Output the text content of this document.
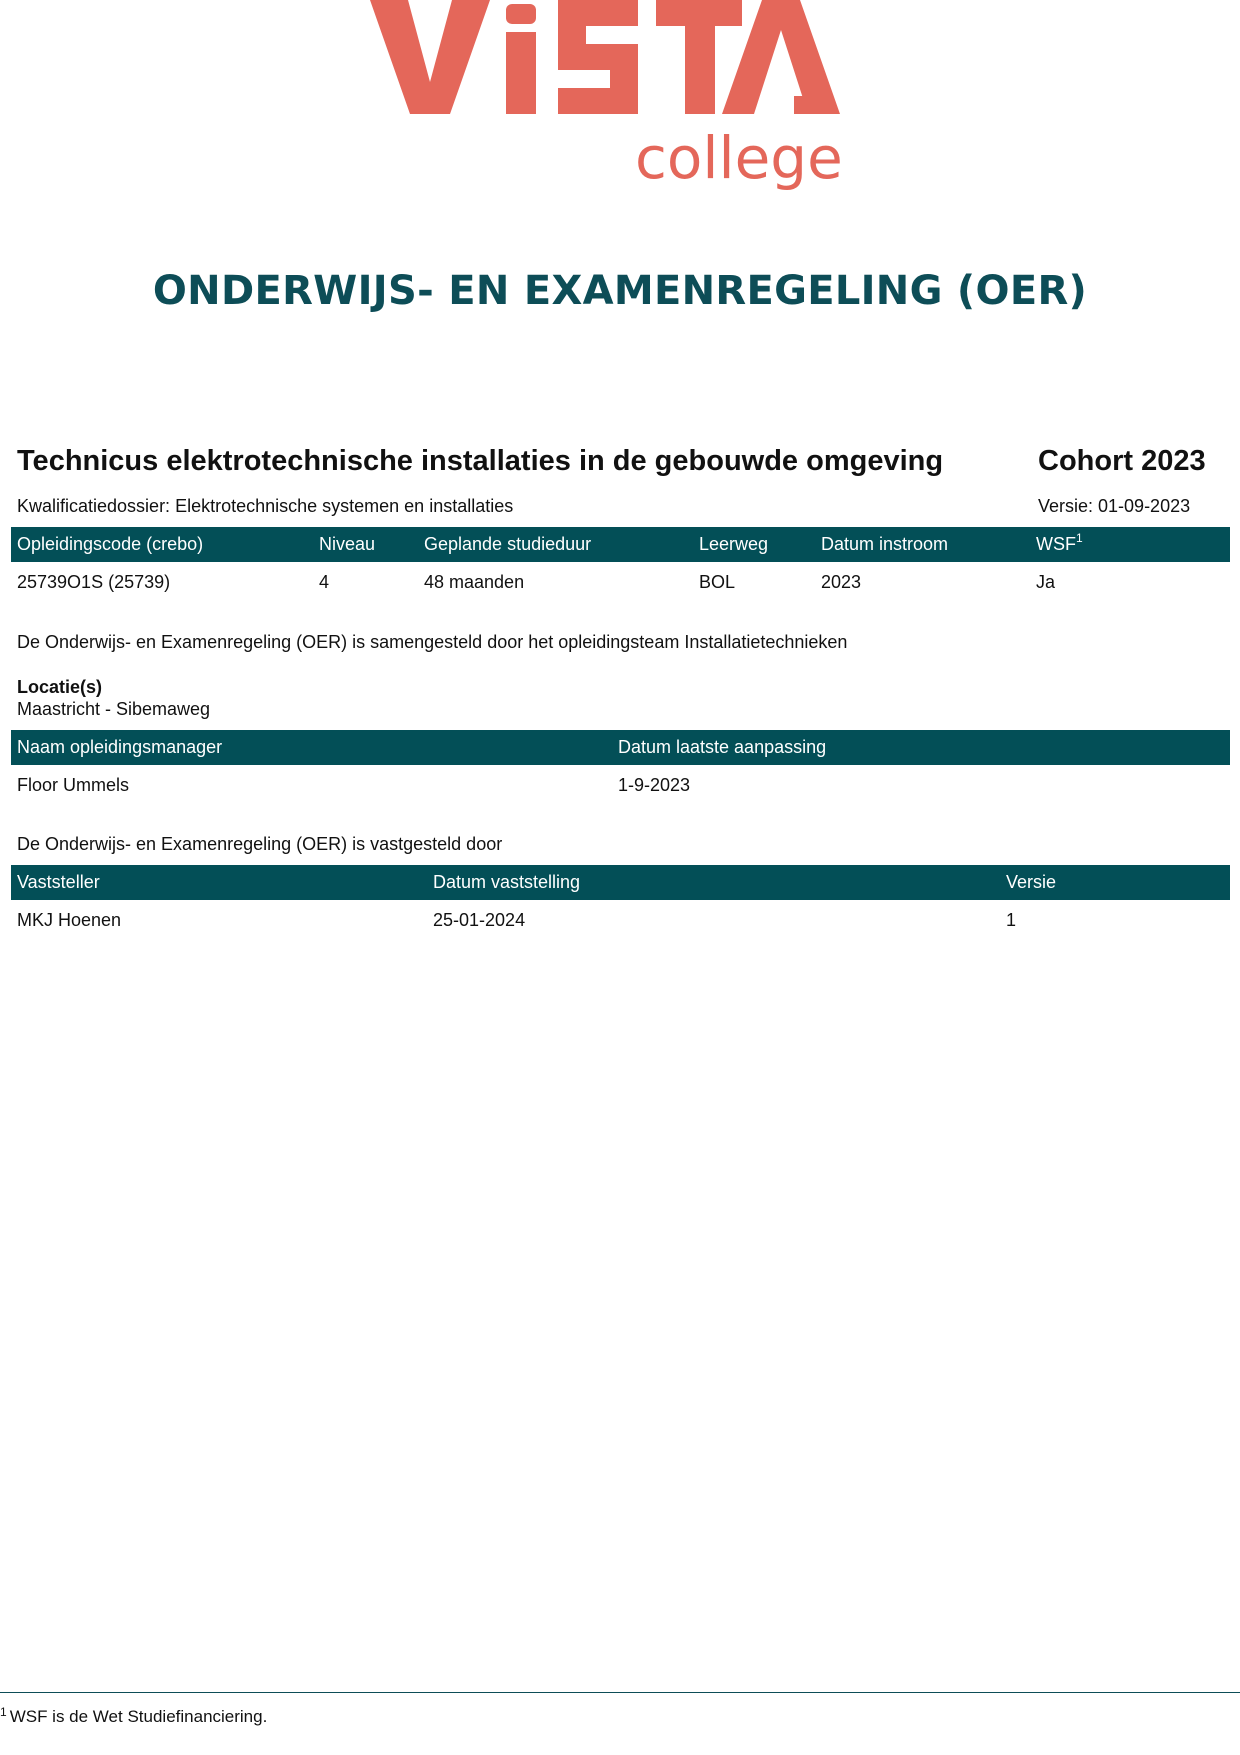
college
ONDERWIJS- EN EXAMENREGELING (OER)
Technicus elektrotechnische installaties in de gebouwde omgeving	Cohort 2023
Kwalificatiedossier: Elektrotechnische systemen en installaties	Versie: 01-09-2023
Opleidingscode (crebo)	Niveau	Geplande studieduur	Leerweg	Datum instroom	WSF$^1$
25739O1S (25739)	4	48 maanden	BOL	2023	Ja
De Onderwijs- en Examenregeling (OER) is samengesteld door het opleidingsteam Installatietechnieken
Locatie(s)
Maastricht - Sibemaweg
Naam opleidingsmanager	Datum laatste aanpassing
Floor Ummels	1-9-2023
De Onderwijs- en Examenregeling (OER) is vastgesteld door
Vaststeller	Datum vaststelling	Versie
MKJ Hoenen	25-01-2024	1
$^1$ WSF is de Wet Studiefinanciering.
